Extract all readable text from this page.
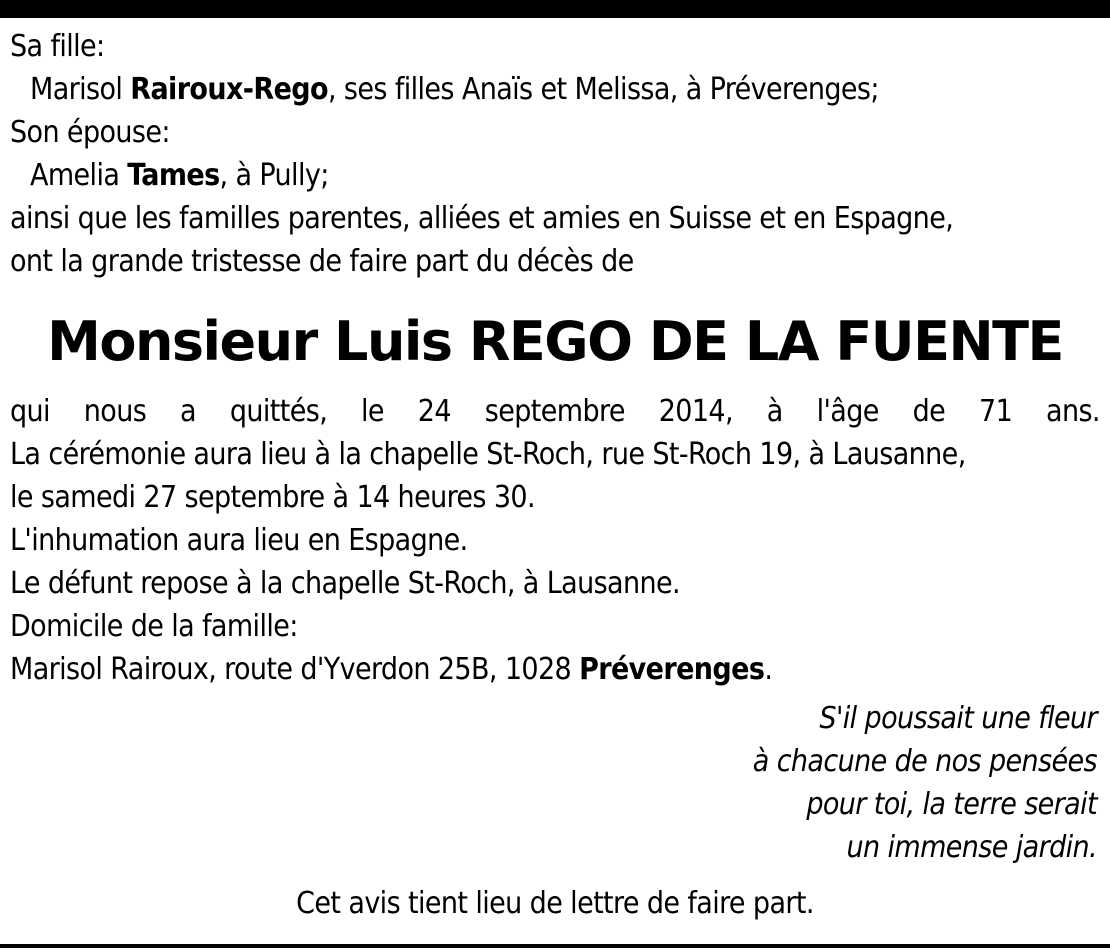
Sa fille:
Marisol Rairoux-Rego, ses filles Anaïs et Melissa, à Préverenges;
Son épouse:
Amelia Tames, à Pully;
ainsi que les familles parentes, alliées et amies en Suisse et en Espagne,
ont la grande tristesse de faire part du décès de
Monsieur Luis REGO DE LA FUENTE
qui nous a quittés, le 24 septembre 2014, à l'âge de 71 ans.
La cérémonie aura lieu à la chapelle St-Roch, rue St-Roch 19, à Lausanne,
le samedi 27 septembre à 14 heures 30.
L'inhumation aura lieu en Espagne.
Le défunt repose à la chapelle St-Roch, à Lausanne.
Domicile de la famille:
Marisol Rairoux, route d'Yverdon 25B, 1028 Préverenges.
S'il poussait une fleur
à chacune de nos pensées
pour toi, la terre serait
un immense jardin.
Cet avis tient lieu de lettre de faire part.
